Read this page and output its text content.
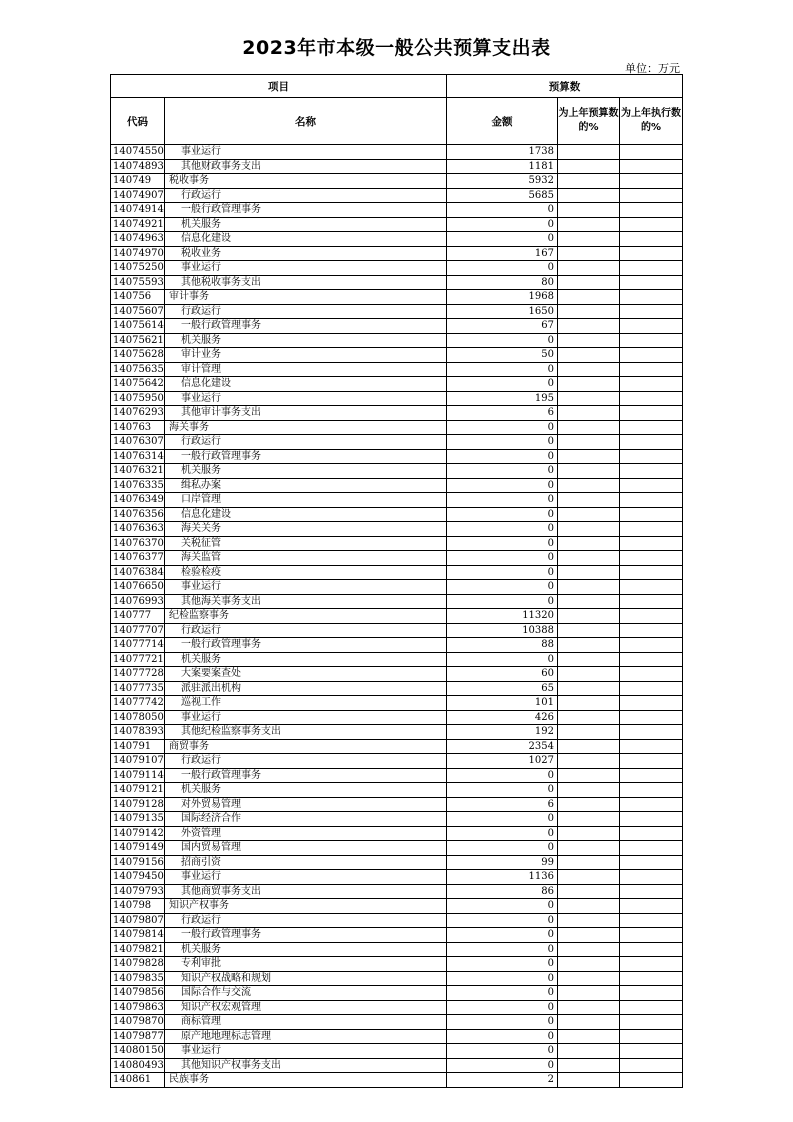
2023年市本级一般公共预算支出表
单位：万元
项目		预算数		
代码	名称	金额	为上年预算数的%	为上年执行数的%
14074550	事业运行	1738		
14074893	其他财政事务支出	1181		
140749	税收事务	5932		
14074907	行政运行	5685		
14074914	一般行政管理事务	0		
14074921	机关服务	0		
14074963	信息化建设	0		
14074970	税收业务	167		
14075250	事业运行	0		
14075593	其他税收事务支出	80		
140756	审计事务	1968		
14075607	行政运行	1650		
14075614	一般行政管理事务	67		
14075621	机关服务	0		
14075628	审计业务	50		
14075635	审计管理	0		
14075642	信息化建设	0		
14075950	事业运行	195		
14076293	其他审计事务支出	6		
140763	海关事务	0		
14076307	行政运行	0		
14076314	一般行政管理事务	0		
14076321	机关服务	0		
14076335	缉私办案	0		
14076349	口岸管理	0		
14076356	信息化建设	0		
14076363	海关关务	0		
14076370	关税征管	0		
14076377	海关监管	0		
14076384	检验检疫	0		
14076650	事业运行	0		
14076993	其他海关事务支出	0		
140777	纪检监察事务	11320		
14077707	行政运行	10388		
14077714	一般行政管理事务	88		
14077721	机关服务	0		
14077728	大案要案查处	60		
14077735	派驻派出机构	65		
14077742	巡视工作	101		
14078050	事业运行	426		
14078393	其他纪检监察事务支出	192		
140791	商贸事务	2354		
14079107	行政运行	1027		
14079114	一般行政管理事务	0		
14079121	机关服务	0		
14079128	对外贸易管理	6		
14079135	国际经济合作	0		
14079142	外资管理	0		
14079149	国内贸易管理	0		
14079156	招商引资	99		
14079450	事业运行	1136		
14079793	其他商贸事务支出	86		
140798	知识产权事务	0		
14079807	行政运行	0		
14079814	一般行政管理事务	0		
14079821	机关服务	0		
14079828	专利审批	0		
14079835	知识产权战略和规划	0		
14079856	国际合作与交流	0		
14079863	知识产权宏观管理	0		
14079870	商标管理	0		
14079877	原产地地理标志管理	0		
14080150	事业运行	0		
14080493	其他知识产权事务支出	0		
140861	民族事务	2		
